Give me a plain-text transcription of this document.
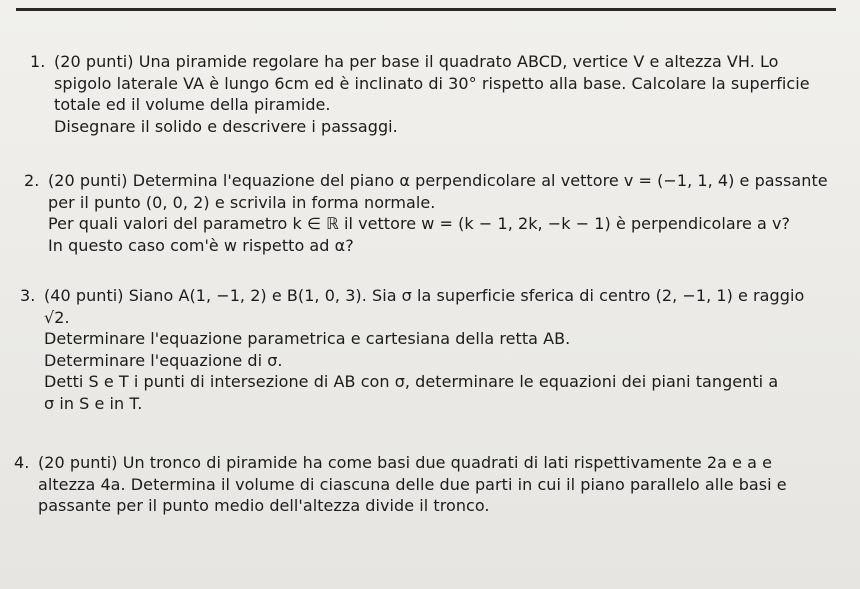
1. (20 punti) Una piramide regolare ha per base il quadrato ABCD, vertice V e altezza VH. Lo
spigolo laterale VA è lungo 6cm ed è inclinato di 30° rispetto alla base. Calcolare la superficie
totale ed il volume della piramide.
Disegnare il solido e descrivere i passaggi.
2. (20 punti) Determina l'equazione del piano α perpendicolare al vettore v = (−1, 1, 4) e passante
per il punto (0, 0, 2) e scrivila in forma normale.
Per quali valori del parametro k ∈ ℝ il vettore w = (k − 1, 2k, −k − 1) è perpendicolare a v?
In questo caso com'è w rispetto ad α?
3. (40 punti) Siano A(1, −1, 2) e B(1, 0, 3). Sia σ la superficie sferica di centro (2, −1, 1) e raggio
√2.
Determinare l'equazione parametrica e cartesiana della retta AB.
Determinare l'equazione di σ.
Detti S e T i punti di intersezione di AB con σ, determinare le equazioni dei piani tangenti a
σ in S e in T.
4. (20 punti) Un tronco di piramide ha come basi due quadrati di lati rispettivamente 2a e a e
altezza 4a. Determina il volume di ciascuna delle due parti in cui il piano parallelo alle basi e
passante per il punto medio dell'altezza divide il tronco.
